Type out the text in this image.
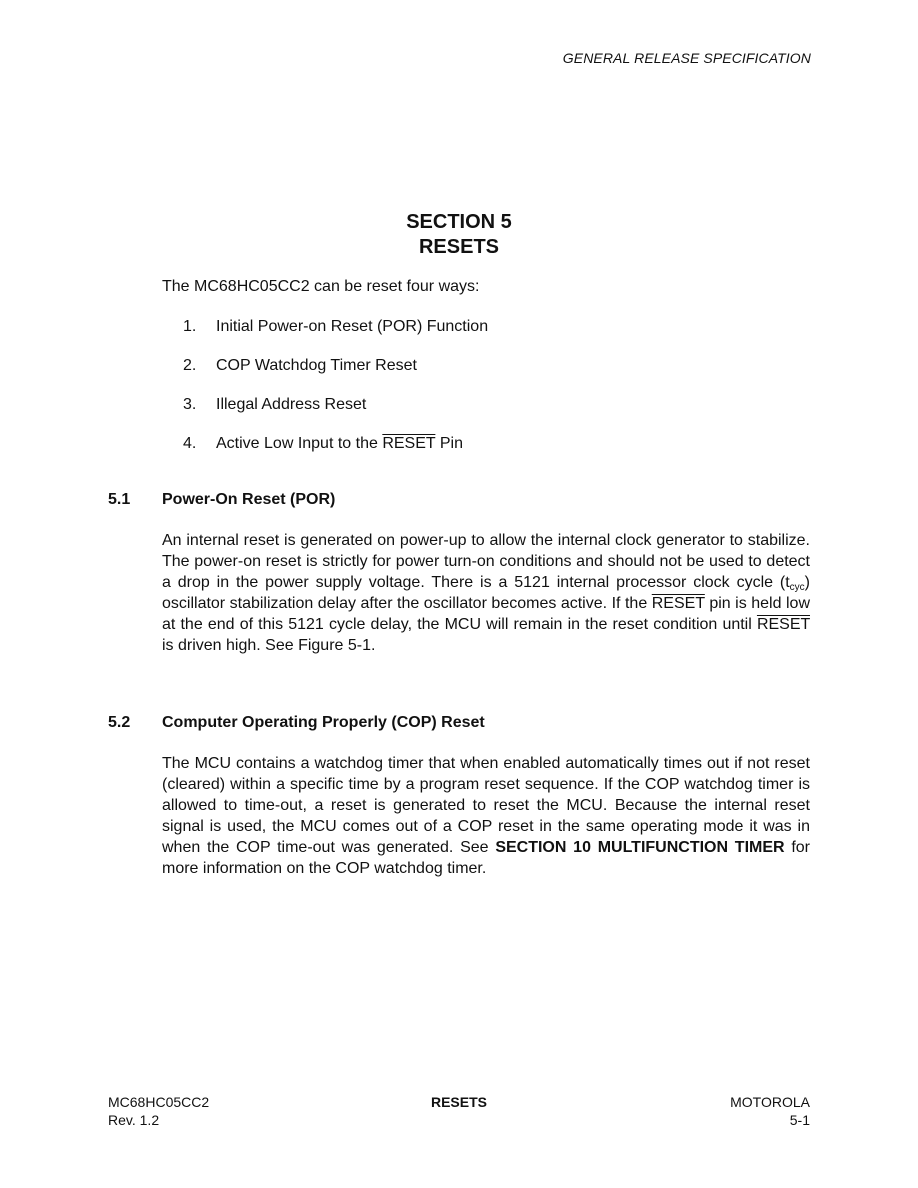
GENERAL RELEASE SPECIFICATION
SECTION 5
RESETS
The MC68HC05CC2 can be reset four ways:
1. Initial Power-on Reset (POR) Function
2. COP Watchdog Timer Reset
3. Illegal Address Reset
4. Active Low Input to the RESET Pin
5.1 Power-On Reset (POR)
An internal reset is generated on power-up to allow the internal clock generator to stabilize. The power-on reset is strictly for power turn-on conditions and should not be used to detect a drop in the power supply voltage. There is a 5121 internal processor clock cycle $(t_{cyc})$ oscillator stabilization delay after the oscillator becomes active. If the RESET pin is held low at the end of this 5121 cycle delay, the MCU will remain in the reset condition until RESET is driven high. See Figure 5-1.
5.2 Computer Operating Properly (COP) Reset
The MCU contains a watchdog timer that when enabled automatically times out if not reset (cleared) within a specific time by a program reset sequence. If the COP watchdog timer is allowed to time-out, a reset is generated to reset the MCU. Because the internal reset signal is used, the MCU comes out of a COP reset in the same operating mode it was in when the COP time-out was generated. See SECTION 10 MULTIFUNCTION TIMER for more information on the COP watchdog timer.
MC68HC05CC2
Rev. 1.2
RESETS	MOTOROLA
5-1
